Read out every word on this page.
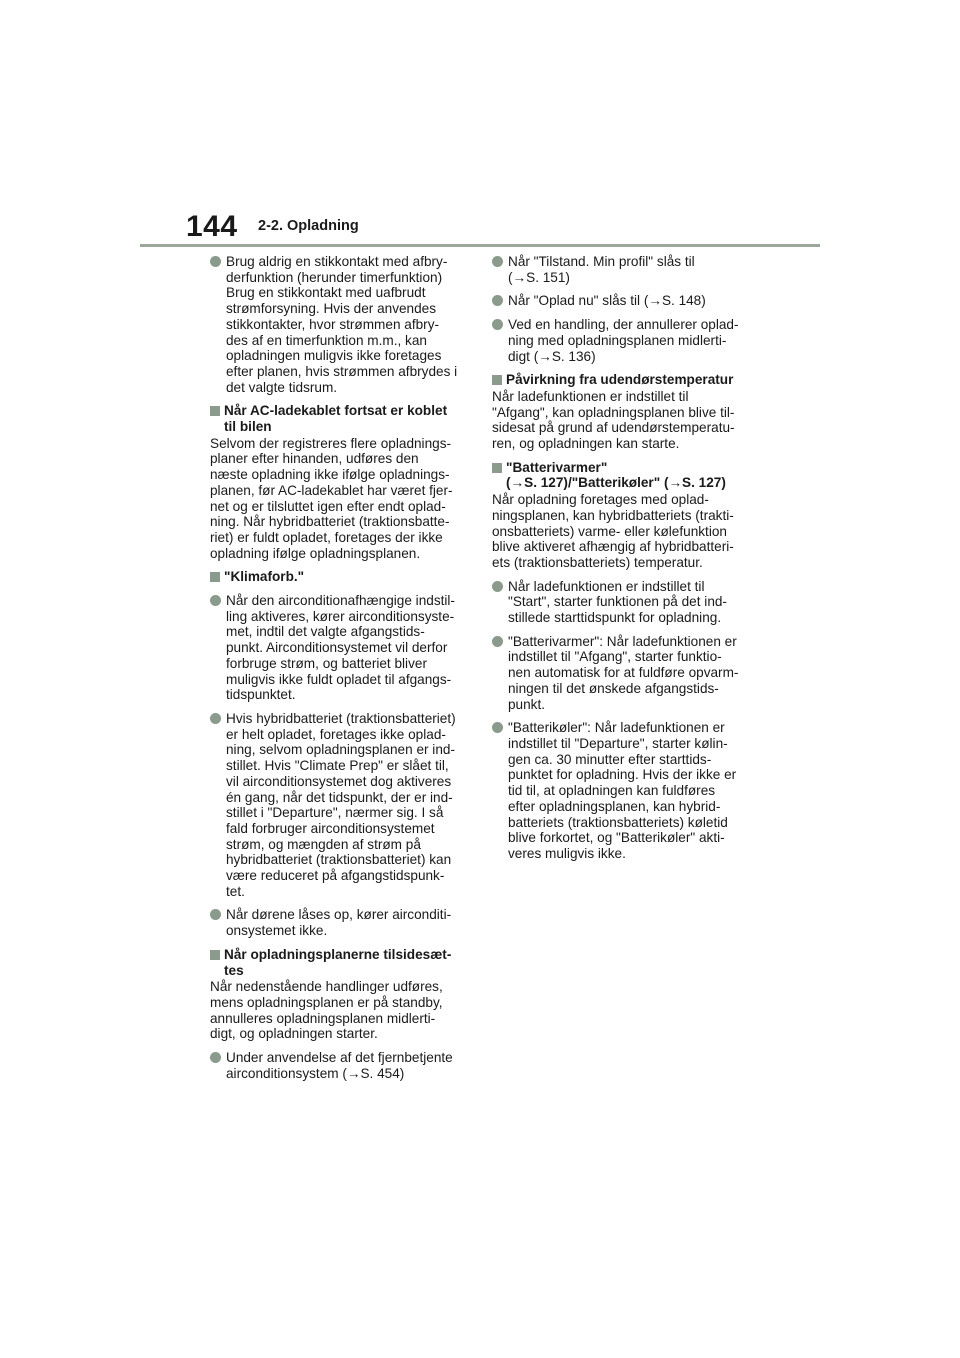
144 2-2. Opladning
Brug aldrig en stikkontakt med afbry-
derfunktion (herunder timerfunktion)
Brug en stikkontakt med uafbrudt
strømforsyning. Hvis der anvendes
stikkontakter, hvor strømmen afbry-
des af en timerfunktion m.m., kan
opladningen muligvis ikke foretages
efter planen, hvis strømmen afbrydes i
det valgte tidsrum.
Når AC-ladekablet fortsat er koblet
til bilen
Selvom der registreres flere opladnings-
planer efter hinanden, udføres den
næste opladning ikke ifølge opladnings-
planen, før AC-ladekablet har været fjer-
net og er tilsluttet igen efter endt oplad-
ning. Når hybridbatteriet (traktionsbatte-
riet) er fuldt opladet, foretages der ikke
opladning ifølge opladningsplanen.
"Klimaforb."
Når den airconditionafhængige indstil-
ling aktiveres, kører airconditionsyste-
met, indtil det valgte afgangstids-
punkt. Airconditionsystemet vil derfor
forbruge strøm, og batteriet bliver
muligvis ikke fuldt opladet til afgangs-
tidspunktet.
Hvis hybridbatteriet (traktionsbatteriet)
er helt opladet, foretages ikke oplad-
ning, selvom opladningsplanen er ind-
stillet. Hvis "Climate Prep" er slået til,
vil airconditionsystemet dog aktiveres
én gang, når det tidspunkt, der er ind-
stillet i "Departure", nærmer sig. I så
fald forbruger airconditionsystemet
strøm, og mængden af strøm på
hybridbatteriet (traktionsbatteriet) kan
være reduceret på afgangstidspunk-
tet.
Når dørene låses op, kører airconditi-
onsystemet ikke.
Når opladningsplanerne tilsidesæt-
tes
Når nedenstående handlinger udføres,
mens opladningsplanen er på standby,
annulleres opladningsplanen midlerti-
digt, og opladningen starter.
Under anvendelse af det fjernbetjente
airconditionsystem (→S. 454)
Når "Tilstand. Min profil" slås til
(→S. 151)
Når "Oplad nu" slås til (→S. 148)
Ved en handling, der annullerer oplad-
ning med opladningsplanen midlerti-
digt (→S. 136)
Påvirkning fra udendørstemperatur
Når ladefunktionen er indstillet til
"Afgang", kan opladningsplanen blive til-
sidesat på grund af udendørstemperatu-
ren, og opladningen kan starte.
"Batterivarmer"
(→S. 127)/"Batterikøler" (→S. 127)
Når opladning foretages med oplad-
ningsplanen, kan hybridbatteriets (trakti-
onsbatteriets) varme- eller kølefunktion
blive aktiveret afhængig af hybridbatteri-
ets (traktionsbatteriets) temperatur.
Når ladefunktionen er indstillet til
"Start", starter funktionen på det ind-
stillede starttidspunkt for opladning.
"Batterivarmer": Når ladefunktionen er
indstillet til "Afgang", starter funktio-
nen automatisk for at fuldføre opvarm-
ningen til det ønskede afgangstids-
punkt.
"Batterikøler": Når ladefunktionen er
indstillet til "Departure", starter kølin-
gen ca. 30 minutter efter starttids-
punktet for opladning. Hvis der ikke er
tid til, at opladningen kan fuldføres
efter opladningsplanen, kan hybrid-
batteriets (traktionsbatteriets) køletid
blive forkortet, og "Batterikøler" akti-
veres muligvis ikke.
